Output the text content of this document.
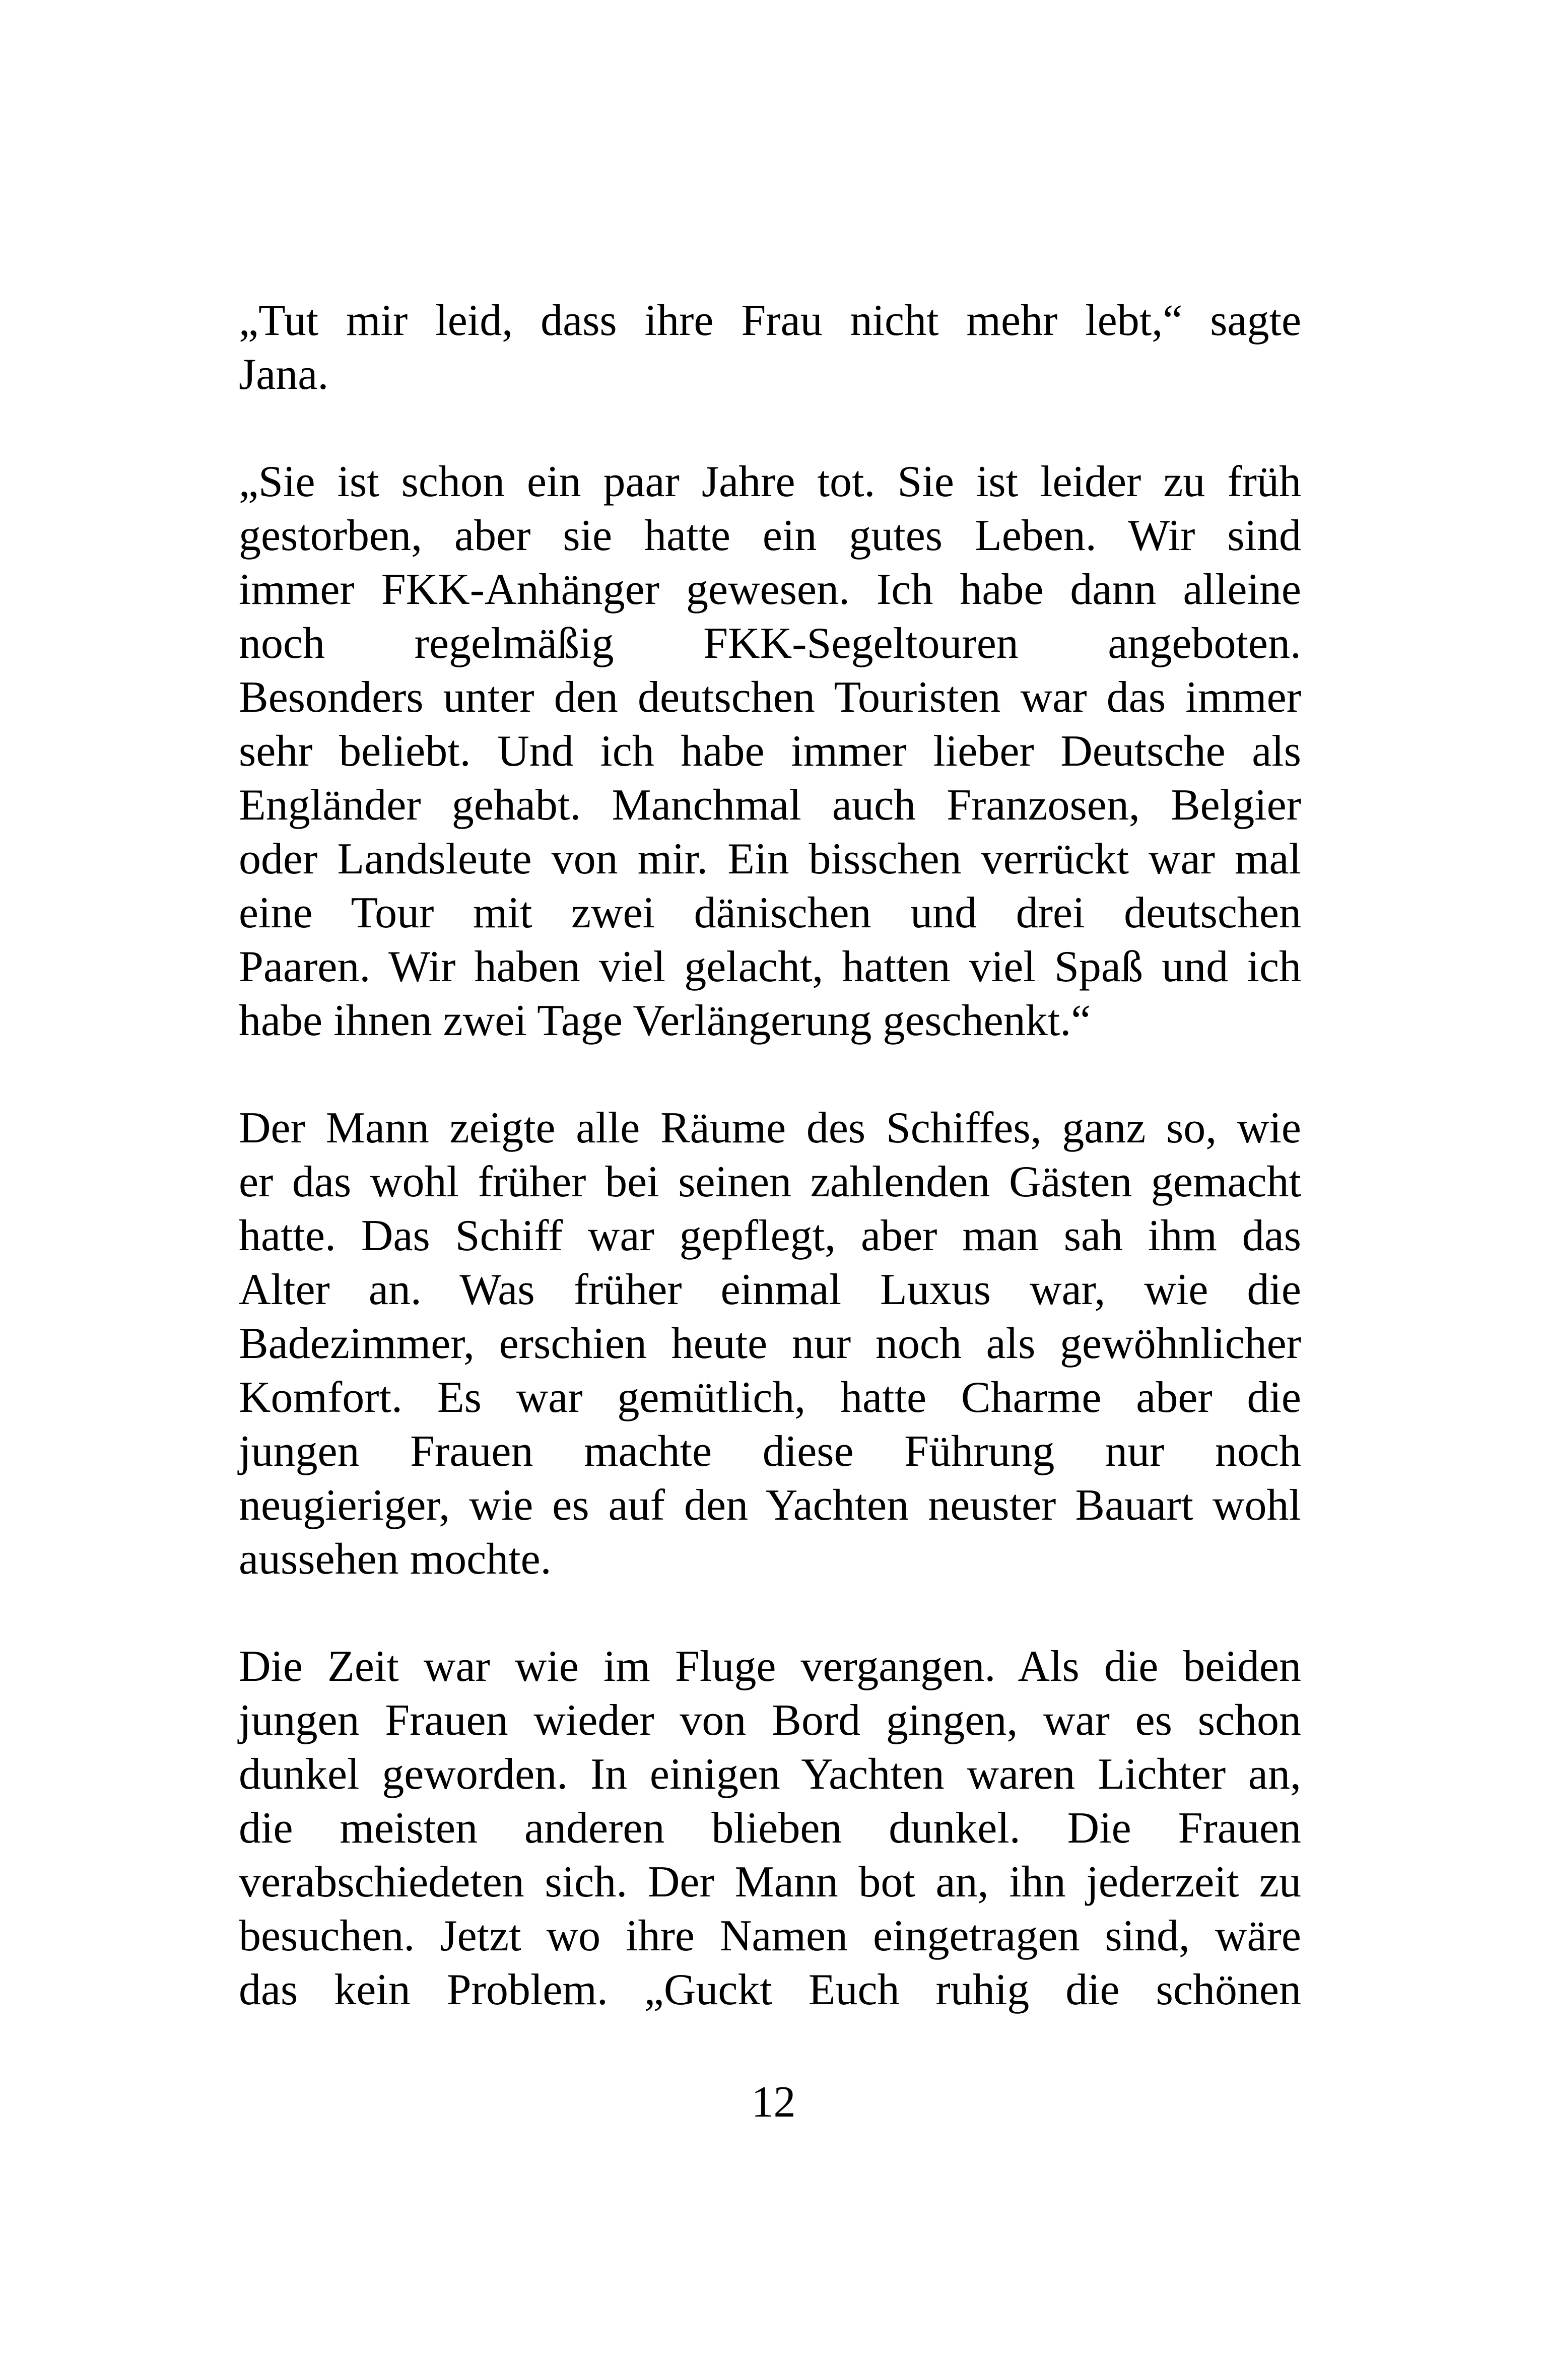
„Tut mir leid, dass ihre Frau nicht mehr lebt,“ sagte
Jana.
„Sie ist schon ein paar Jahre tot. Sie ist leider zu früh
gestorben, aber sie hatte ein gutes Leben. Wir sind
immer FKK-Anhänger gewesen. Ich habe dann alleine
noch regelmäßig FKK-Segeltouren angeboten.
Besonders unter den deutschen Touristen war das immer
sehr beliebt. Und ich habe immer lieber Deutsche als
Engländer gehabt. Manchmal auch Franzosen, Belgier
oder Landsleute von mir. Ein bisschen verrückt war mal
eine Tour mit zwei dänischen und drei deutschen
Paaren. Wir haben viel gelacht, hatten viel Spaß und ich
habe ihnen zwei Tage Verlängerung geschenkt.“
Der Mann zeigte alle Räume des Schiffes, ganz so, wie
er das wohl früher bei seinen zahlenden Gästen gemacht
hatte. Das Schiff war gepflegt, aber man sah ihm das
Alter an. Was früher einmal Luxus war, wie die
Badezimmer, erschien heute nur noch als gewöhnlicher
Komfort. Es war gemütlich, hatte Charme aber die
jungen Frauen machte diese Führung nur noch
neugieriger, wie es auf den Yachten neuster Bauart wohl
aussehen mochte.
Die Zeit war wie im Fluge vergangen. Als die beiden
jungen Frauen wieder von Bord gingen, war es schon
dunkel geworden. In einigen Yachten waren Lichter an,
die meisten anderen blieben dunkel. Die Frauen
verabschiedeten sich. Der Mann bot an, ihn jederzeit zu
besuchen. Jetzt wo ihre Namen eingetragen sind, wäre
das kein Problem. „Guckt Euch ruhig die schönen
12
